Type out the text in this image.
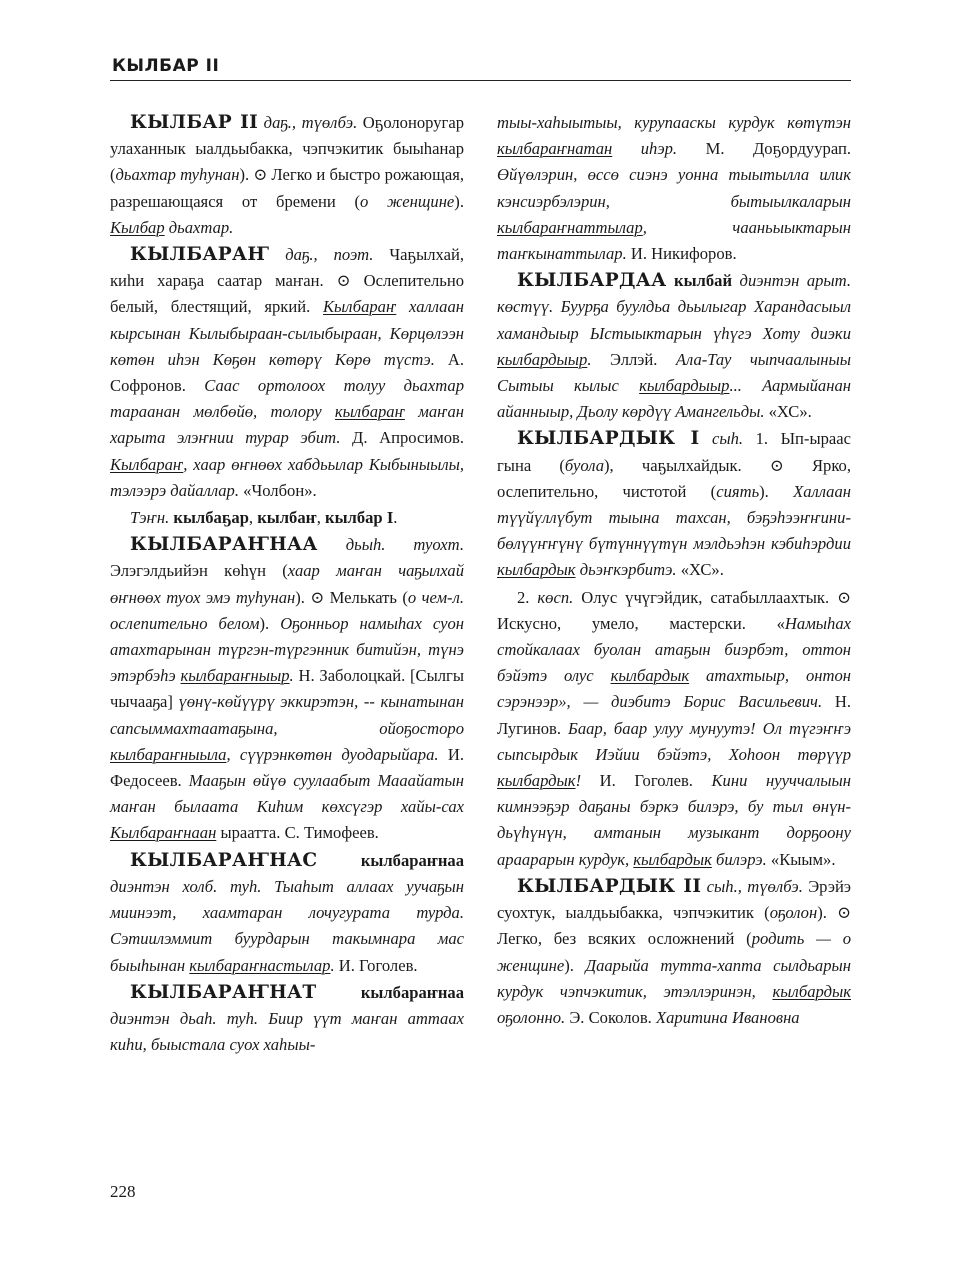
КЫЛБАР II

КЫЛБАР II даҕ., түөлбэ. Оҕолоноругар улаханнык ыалдьыбакка, чэпчэкитик быыһанар (дьахтар туһунан). ⊙ Легко и быстро рожающая, разрешающаяся от бремени (о женщине). Кылбар дьахтар.

КЫЛБАРАҤ даҕ., поэт. Чаҕылхай, киһи хараҕа саатар маҥан. ⊙ Ослепительно белый, блестящий, яркий. Кылбараҥ халлаан кырсынан Кылыбыраан-сылыбыраан, Көрцөлээн көтөн иһэн Көҕөн көтөрү Көрө түстэ. А. Софронов. Саас ортолоох толуу дьахтар тараанан мөлбөйө, толору кылбараҥ маҥан харыта элэҥнии турар эбит. Д. Апросимов. Кылбараҥ, хаар өҥнөөх хабдьылар Кыбыныылы, тэлээрэ дайаллар. «Чолбон».

Тэҥн. кылбаҕар, кылбаҥ, кылбар I.

КЫЛБАРАҤНАА дьыһ. туохт. Элэгэлдьийэн көһүн (хаар маҥан чаҕылхай өҥнөөх туох эмэ туһунан). ⊙ Мелькать (о чем-л. ослепительно белом). Оҕонньор намыһах суон атахтарынан түргэн-түргэнник битийэн, түнэ этэрбэһэ кылбараҥныыр. Н. Заболоцкай. [Сылгы чычааҕа] үөнү-көйүүрү эккирэтэн, -- кынатынан сапсыммахтаатаҕына, ойоҕосторо кылбараҥныыла, сүүрэнкөтөн дуодарыйара. И. Федосеев. Мааҕын өйүө суулаабыт Мааайатын маҥан былаата Киһим көхсүгэр хайы-сах Кылбараҥнаан ыраатта. С. Тимофеев.

КЫЛБАРАҤНАС	кылбараҥнаа диэнтэн холб. туһ. Тыаһыт аллаах уучаҕын миинээт, хаамтаран лочугурата турда. Сэтиилэммит буурдарын такымнара мас быыһынан кылбараҥнастылар. И. Гоголев.

КЫЛБАРАҤНАТ	кылбараҥнаа диэнтэн дьаһ. туһ. Биир үүт маҥан аттаах киһи, быыстала суох хаһыы-

тыы-хаһыытыы, курупааскы курдук көтүтэн кылбараҥнатан иһэр. М. Доҕордуурап. Өйүөлэрин, өссө сиэнэ уонна тыытылла илик кэнсиэрбэлэрин, бытыылкаларын кылбараҥнаттылар, чааньыыктарын таҥкынаттылар. И. Никифоров.

КЫЛБАРДАА кылбай диэнтэн арыт. көстүү. Буурҕа буулдьа дьылыгар Харандасыыл хамандыыр Ыстыыктарын үһүгэ Хоту диэки кылбардыыр. Эллэй. Ала-Тау чыпчаалыныы Сытыы кылыс кылбардыыр... Аармыйанан айанныыр, Дьолу көрдүү Амангельды. «ХС».

КЫЛБАРДЫК I сыһ. 1. Ып-ыраас гына (буола), чаҕылхайдык. ⊙ Ярко, ослепительно, чистотой (сиять). Халлаан түүйүллүбут тыына тахсан, бэҕэһээҥҥини-бөлүүҥҥүнү бүтүннүүтүн мэлдьэһэн кэбиһэрдии кылбардык дьэҥкэрбитэ. «ХС».

2. көсп. Олус үчүгэйдик, сатабыллаахтык. ⊙ Искусно, умело, мастерски. «Намыһах стойкалаах буолан атаҕын биэрбэт, оттон бэйэтэ олус кылбардык атахтыыр, онтон сэрэнээр», — диэбитэ Борис Васильевич. Н. Лугинов. Баар, баар улуу мунуутэ! Ол түгэҥҥэ сыпсырдык Иэйии бэйэтэ, Хоһоон төрүүр кылбардык! И. Гоголев. Кини нууччалыын кимнээҕэр даҕаны бэркэ билэрэ, бу тыл өнүн-дьүһүнүн, амтанын музыкант дорҕоону араарарын курдук, кылбардык билэрэ. «Кыым».

КЫЛБАРДЫК II сыһ., түөлбэ. Эрэйэ суохтук, ыалдьыбакка, чэпчэкитик (оҕолон). ⊙ Легко, без всяких осложнений (родить — о женщине). Даарыйа тутта-хапта сылдьарын курдук чэпчэкитик, этэллэринэн, кылбардык оҕолонно. Э. Соколов. Харитина Ивановна

228
